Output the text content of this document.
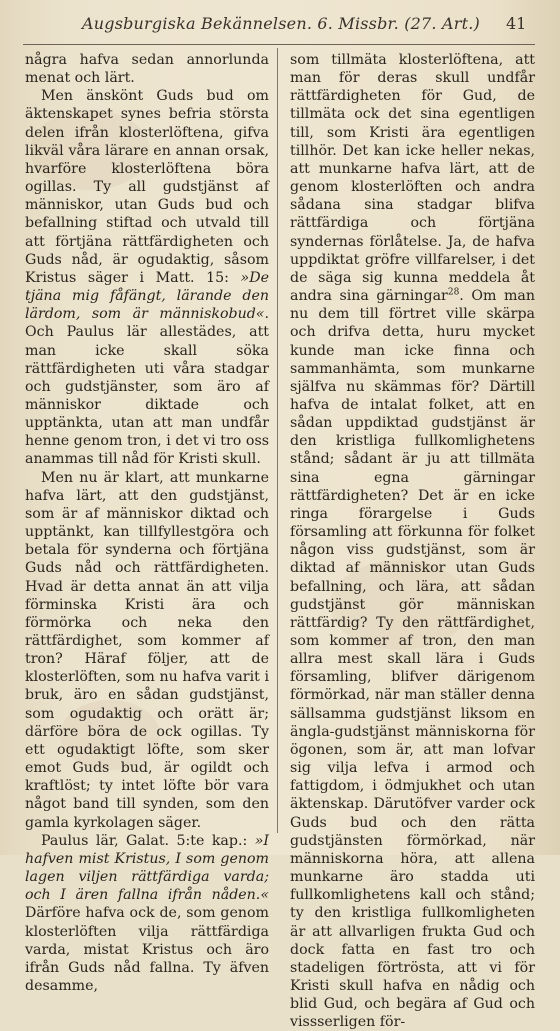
Augsburgiska Bekännelsen. 6. Missbr. (27. Art.) 41

några hafva sedan annorlunda menat och lärt.

Men änskönt Guds bud om äktenskapet synes befria största delen ifrån klosterlöftena, gifva likväl våra lärare en annan orsak, hvarföre klosterlöftena böra ogillas. Ty all gudstjänst af människor, utan Guds bud och befallning stiftad och utvald till att förtjäna rättfärdigheten och Guds nåd, är ogudaktig, såsom Kristus säger i Matt. 15: »De tjäna mig fåfängt, lärande den lärdom, som är människobud«. Och Paulus lär allestädes, att man icke skall söka rättfärdigheten uti våra stadgar och gudstjänster, som äro af människor diktade och upptänkta, utan att man undfår henne genom tron, i det vi tro oss anammas till nåd för Kristi skull.

Men nu är klart, att munkarne hafva lärt, att den gudstjänst, som är af människor diktad och upptänkt, kan tillfyllestgöra och betala för synderna och förtjäna Guds nåd och rättfärdigheten. Hvad är detta annat än att vilja förminska Kristi ära och förmörka och neka den rättfärdighet, som kommer af tron? Häraf följer, att de klosterlöften, som nu hafva varit i bruk, äro en sådan gudstjänst, som ogudaktig och orätt är; därföre böra de ock ogillas. Ty ett ogudaktigt löfte, som sker emot Guds bud, är ogildt och kraftlöst; ty intet löfte bör vara något band till synden, som den gamla kyrkolagen säger.

Paulus lär, Galat. 5:te kap.: »I hafven mist Kristus, I som genom lagen viljen rättfärdiga varda; och I ären fallna ifrån nåden.« Därföre hafva ock de, som genom klosterlöften vilja rättfärdiga varda, mistat Kristus och äro ifrån Guds nåd fallna. Ty äfven desamme,

som tillmäta klosterlöftena, att man för deras skull undfår rättfärdigheten för Gud, de tillmäta ock det sina egentligen till, som Kristi ära egentligen tillhör. Det kan icke heller nekas, att munkarne hafva lärt, att de genom klosterlöften och andra sådana sina stadgar blifva rättfärdiga och förtjäna syndernas förlåtelse. Ja, de hafva uppdiktat gröfre villfarelser, i det de säga sig kunna meddela åt andra sina gärningar$^{28}$. Om man nu dem till förtret ville skärpa och drifva detta, huru mycket kunde man icke finna och sammanhämta, som munkarne själfva nu skämmas för? Därtill hafva de intalat folket, att en sådan uppdiktad gudstjänst är den kristliga fullkomlighetens stånd; sådant är ju att tillmäta sina egna gärningar rättfärdigheten? Det är en icke ringa förargelse i Guds församling att förkunna för folket någon viss gudstjänst, som är diktad af människor utan Guds befallning, och lära, att sådan gudstjänst gör människan rättfärdig? Ty den rättfärdighet, som kommer af tron, den man allra mest skall lära i Guds församling, blifver därigenom förmörkad, när man ställer denna sällsamma gudstjänst liksom en ängla-gudstjänst människorna för ögonen, som är, att man lofvar sig vilja lefva i armod och fattigdom, i ödmjukhet och utan äktenskap. Därutöfver varder ock Guds bud och den rätta gudstjänsten förmörkad, när människorna höra, att allena munkarne äro stadda uti fullkomlighetens kall och stånd; ty den kristliga fullkomligheten är att allvarligen frukta Gud och dock fatta en fast tro och stadeligen förtrösta, att vi för Kristi skull hafva en nådig och blid Gud, och begära af Gud och vissserligen för-
